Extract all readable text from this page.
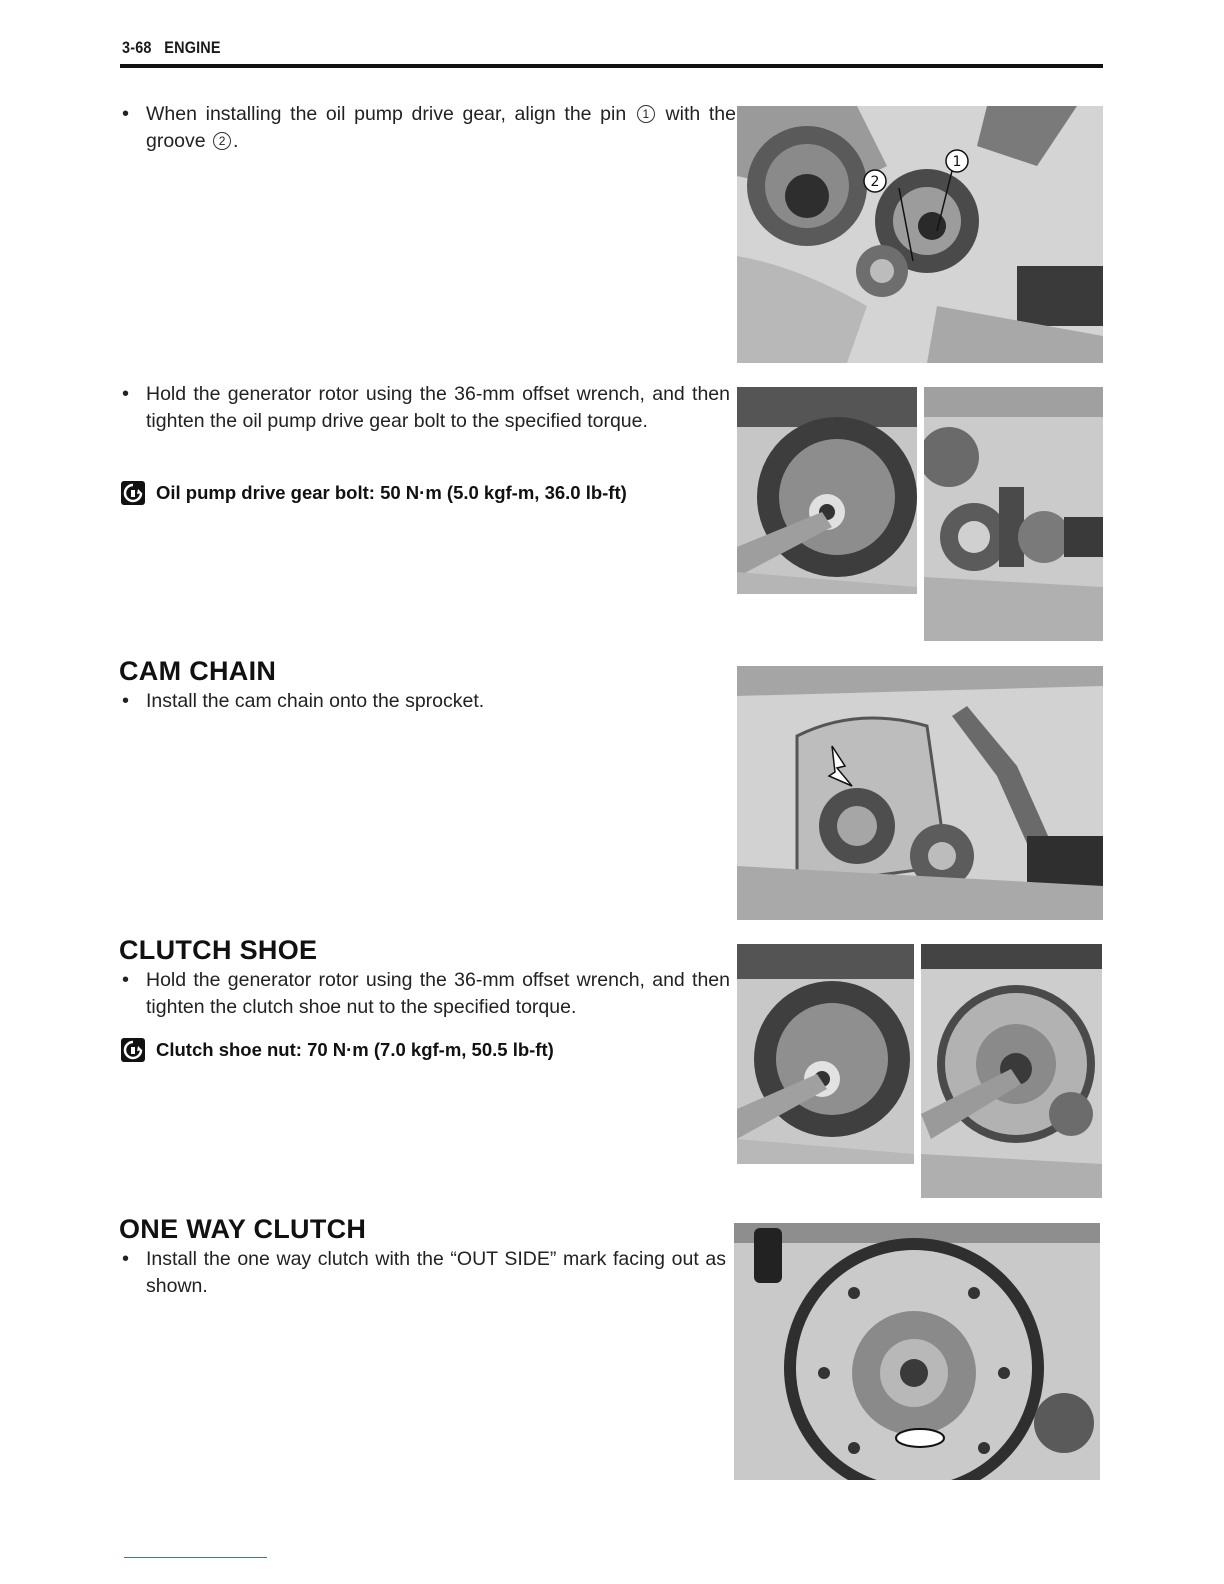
3-68 ENGINE
• When installing the oil pump drive gear, align the pin 1 with the groove 2 .
1
2
• Hold the generator rotor using the 36-mm offset wrench, and then tighten the oil pump drive gear bolt to the specified torque.
Oil pump drive gear bolt: 50 N·m (5.0 kgf-m, 36.0 lb-ft)
CAM CHAIN
• Install the cam chain onto the sprocket.
CLUTCH SHOE
• Hold the generator rotor using the 36-mm offset wrench, and then tighten the clutch shoe nut to the specified torque.
Clutch shoe nut: 70 N·m (7.0 kgf-m, 50.5 lb-ft)
ONE WAY CLUTCH
• Install the one way clutch with the “OUT SIDE” mark facing out as shown.
